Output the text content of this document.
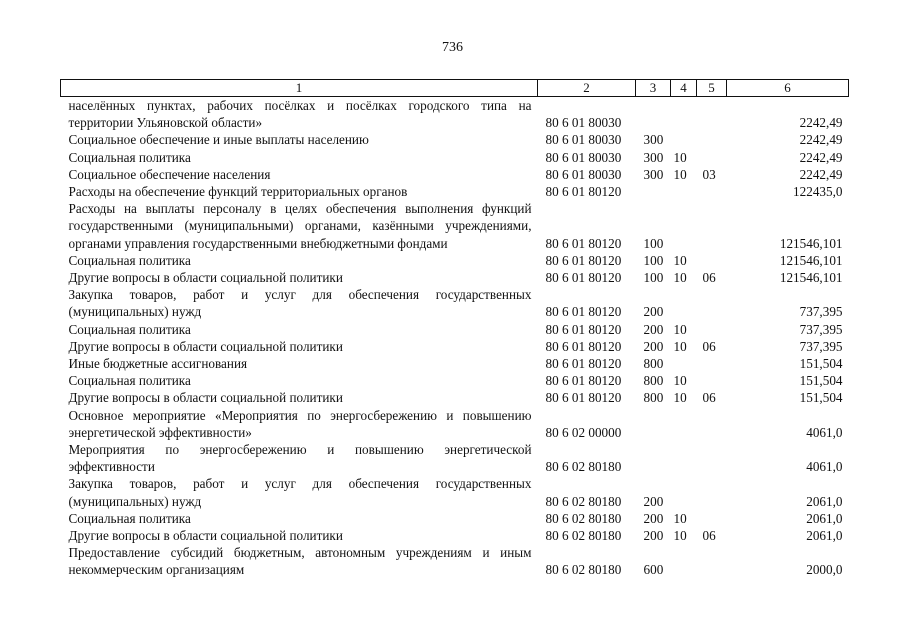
736
1	2	3	4	5	6
населённых пунктах, рабочих посёлках и посёлках городского типа на территории Ульяновской области»	80 6 01 80030				2242,49
Социальное обеспечение и иные выплаты населению	80 6 01 80030	300			2242,49
Социальная политика	80 6 01 80030	300	10		2242,49
Социальное обеспечение населения	80 6 01 80030	300	10	03	2242,49
Расходы на обеспечение функций территориальных органов	80 6 01 80120				122435,0
Расходы на выплаты персоналу в целях обеспечения выполнения функций государственными (муниципальными) органами, казёнными учреждениями, органами управления государственными внебюджетными фондами	80 6 01 80120	100			121546,101
Социальная политика	80 6 01 80120	100	10		121546,101
Другие вопросы в области социальной политики	80 6 01 80120	100	10	06	121546,101
Закупка товаров, работ и услуг для обеспечения государственных (муниципальных) нужд	80 6 01 80120	200			737,395
Социальная политика	80 6 01 80120	200	10		737,395
Другие вопросы в области социальной политики	80 6 01 80120	200	10	06	737,395
Иные бюджетные ассигнования	80 6 01 80120	800			151,504
Социальная политика	80 6 01 80120	800	10		151,504
Другие вопросы в области социальной политики	80 6 01 80120	800	10	06	151,504
Основное мероприятие «Мероприятия по энергосбережению и повышению энергетической эффективности»	80 6 02 00000				4061,0
Мероприятия по энергосбережению и повышению энергетической эффективности	80 6 02 80180				4061,0
Закупка товаров, работ и услуг для обеспечения государственных (муниципальных) нужд	80 6 02 80180	200			2061,0
Социальная политика	80 6 02 80180	200	10		2061,0
Другие вопросы в области социальной политики	80 6 02 80180	200	10	06	2061,0
Предоставление субсидий бюджетным, автономным учреждениям и иным некоммерческим организациям	80 6 02 80180	600			2000,0
